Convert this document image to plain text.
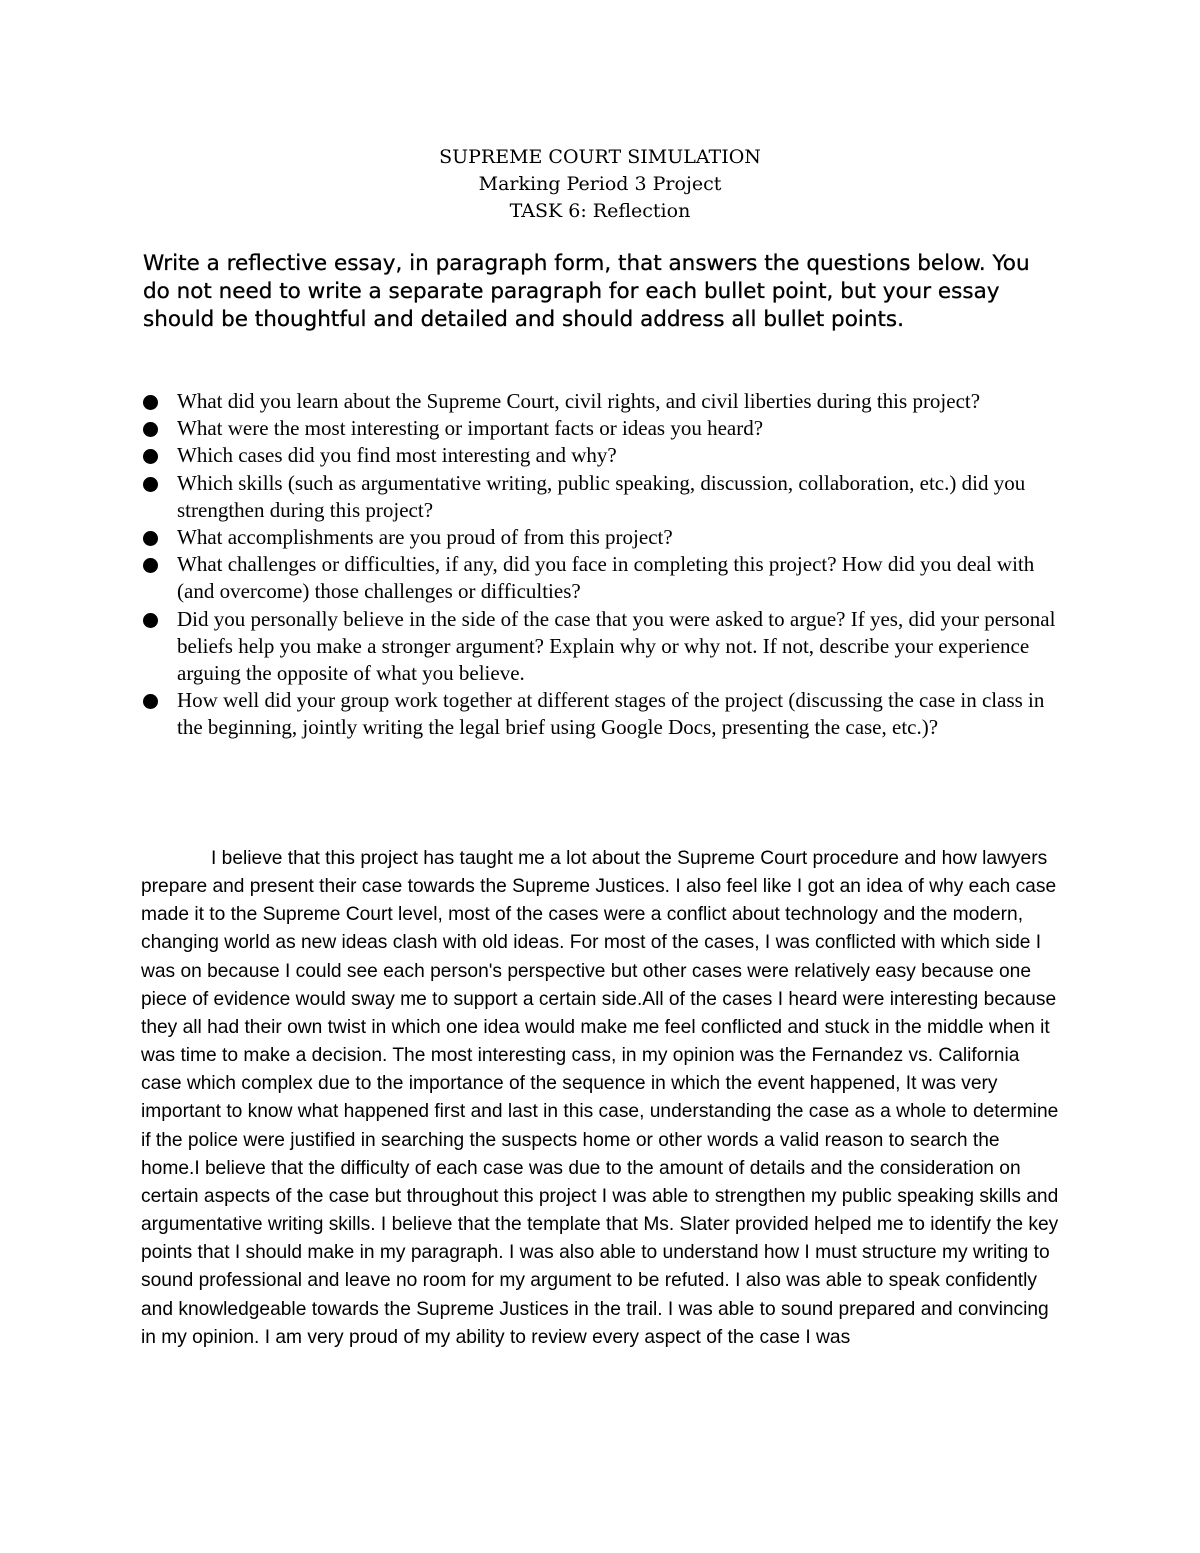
SUPREME COURT SIMULATION
Marking Period 3 Project
TASK 6: Reflection
Write a reflective essay, in paragraph form, that answers the questions below. You do not need to write a separate paragraph for each bullet point, but your essay should be thoughtful and detailed and should address all bullet points.
What did you learn about the Supreme Court, civil rights, and civil liberties during this project?
What were the most interesting or important facts or ideas you heard?
Which cases did you find most interesting and why?
Which skills (such as argumentative writing, public speaking, discussion, collaboration, etc.) did you strengthen during this project?
What accomplishments are you proud of from this project?
What challenges or difficulties, if any, did you face in completing this project? How did you deal with (and overcome) those challenges or difficulties?
Did you personally believe in the side of the case that you were asked to argue? If yes, did your personal beliefs help you make a stronger argument? Explain why or why not. If not, describe your experience arguing the opposite of what you believe.
How well did your group work together at different stages of the project (discussing the case in class in the beginning, jointly writing the legal brief using Google Docs, presenting the case, etc.)?

I believe that this project has taught me a lot about the Supreme Court procedure and how lawyers prepare and present their case towards the Supreme Justices. I also feel like I got an idea of why each case made it to the Supreme Court level, most of the cases were a conflict about technology and the modern, changing world as new ideas clash with old ideas. For most of the cases, I was conflicted with which side I was on because I could see each person's perspective but other cases were relatively easy because one piece of evidence would sway me to support a certain side.All of the cases I heard were interesting because they all had their own twist in which one idea would make me feel conflicted and stuck in the middle when it was time to make a decision. The most interesting cass, in my opinion was the Fernandez vs. California case which complex due to the importance of the sequence in which the event happened, It was very important to know what happened first and last in this case, understanding the case as a whole to determine if the police were justified in searching the suspects home or other words a valid reason to search the home.I believe that the difficulty of each case was due to the amount of details and the consideration on certain aspects of the case but throughout this project I was able to strengthen my public speaking skills and argumentative writing skills. I believe that the template that Ms. Slater provided helped me to identify the key points that I should make in my paragraph. I was also able to understand how I must structure my writing to sound professional and leave no room for my argument to be refuted. I also was able to speak confidently and knowledgeable towards the Supreme Justices in the trail. I was able to sound prepared and convincing in my opinion. I am very proud of my ability to review every aspect of the case I was
